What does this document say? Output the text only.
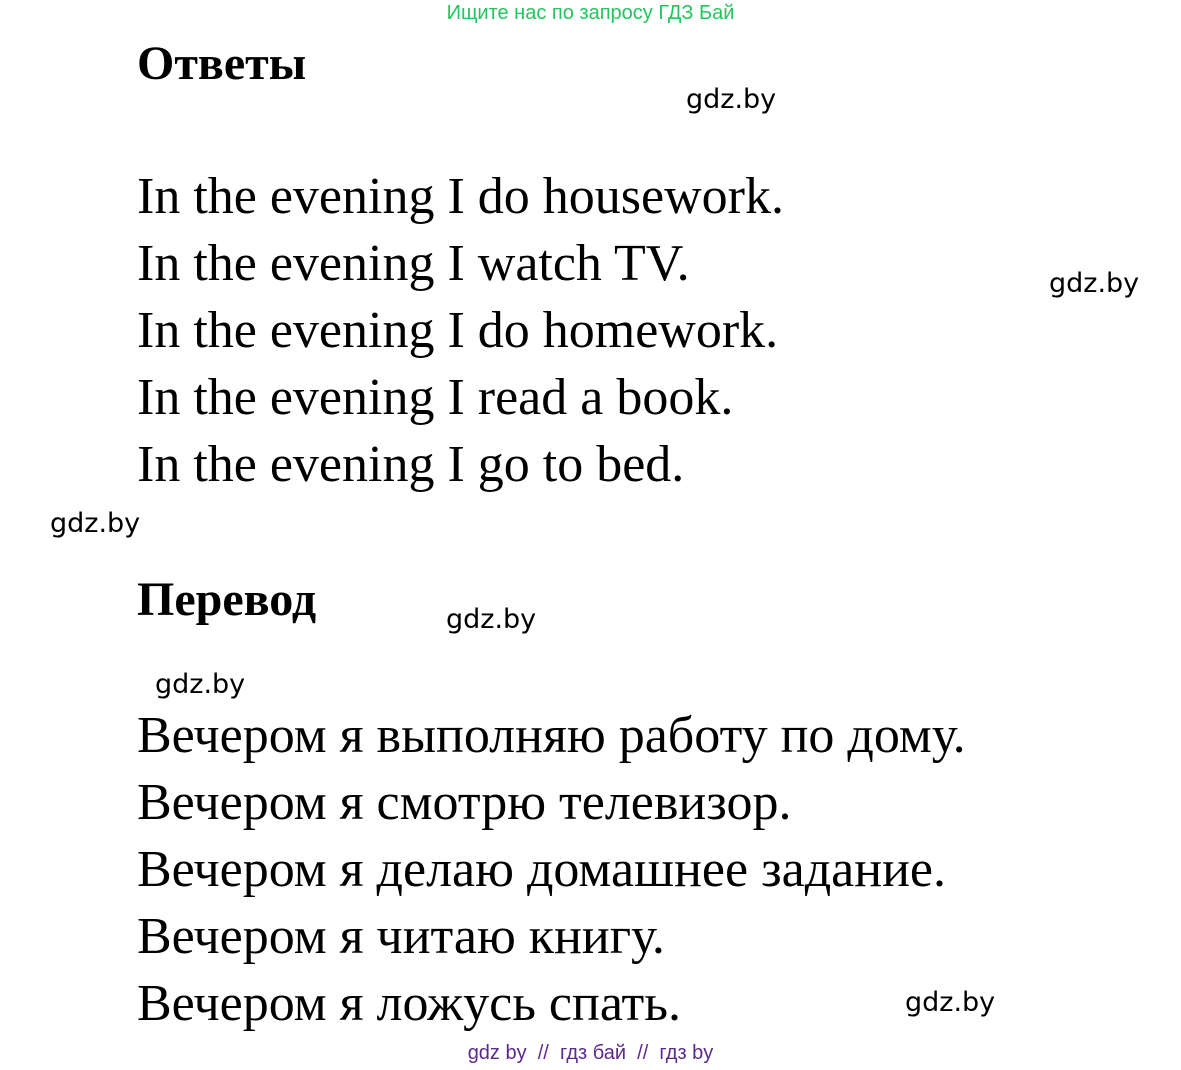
Ищите нас по запросу ГДЗ Бай
Ответы
In the evening I do housework.
In the evening I watch TV.
In the evening I do homework.
In the evening I read a book.
In the evening I go to bed.
Перевод
Вечером я выполняю работу по дому.
Вечером я смотрю телевизор.
Вечером я делаю домашнее задание.
Вечером я читаю книгу.
Вечером я ложусь спать.
gdz.by
gdz.by
gdz.by
gdz.by
gdz.by
gdz.by
gdz by  //  гдз бай  //  гдз by
